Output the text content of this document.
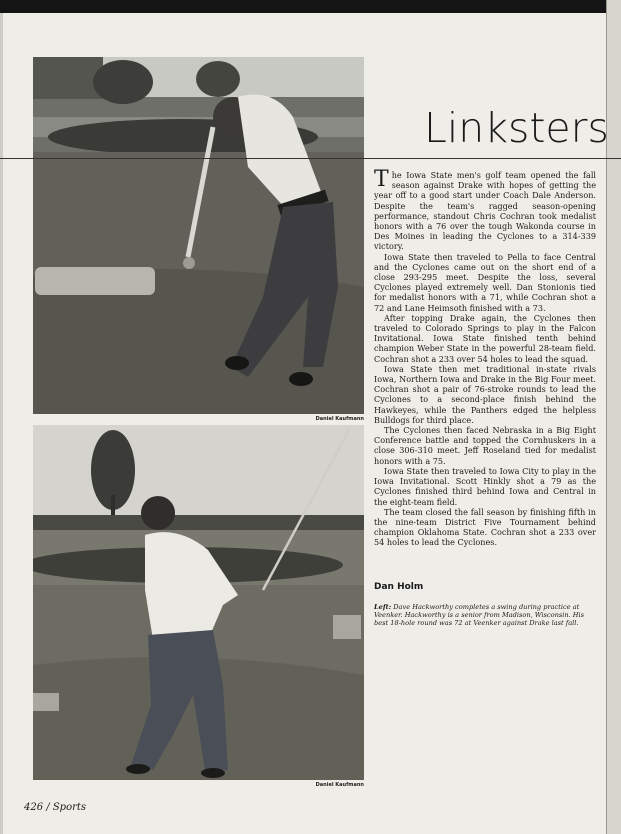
Daniel Kaufmann
Daniel Kaufmann
Linksters

The Iowa State men's golf team opened the fall season against Drake with hopes of getting the year off to a good start under Coach Dale Anderson. Despite the team's ragged season-opening performance, standout Chris Cochran took medalist honors with a 76 over the tough Wakonda course in Des Moines in leading the Cyclones to a 314-339 victory.

Iowa State then traveled to Pella to face Central and the Cyclones came out on the short end of a close 293-295 meet. Despite the loss, several Cyclones played extremely well. Dan Stonionis tied for medalist honors with a 71, while Cochran shot a 72 and Lane Heimsoth finished with a 73.

After topping Drake again, the Cyclones then traveled to Colorado Springs to play in the Falcon Invitational. Iowa State finished tenth behind champion Weber State in the powerful 28-team field. Cochran shot a 233 over 54 holes to lead the squad.

Iowa State then met traditional in-state rivals Iowa, Northern Iowa and Drake in the Big Four meet. Cochran shot a pair of 76-stroke rounds to lead the Cyclones to a second-place finish behind the Hawkeyes, while the Panthers edged the helpless Bulldogs for third place.

The Cyclones then faced Nebraska in a Big Eight Conference battle and topped the Cornhuskers in a close 306-310 meet. Jeff Roseland tied for medalist honors with a 75.

Iowa State then traveled to Iowa City to play in the Iowa Invitational. Scott Hinkly shot a 79 as the Cyclones finished third behind Iowa and Central in the eight-team field.

The team closed the fall season by finishing fifth in the nine-team District Five Tournament behind champion Oklahoma State. Cochran shot a 233 over 54 holes to lead the Cyclones.

Dan Holm
Left: Dave Hackworthy completes a swing during practice at Veenker. Hackworthy is a senior from Madison, Wisconsin. His best 18-hole round was 72 at Veenker against Drake last fall.
426 / Sports
